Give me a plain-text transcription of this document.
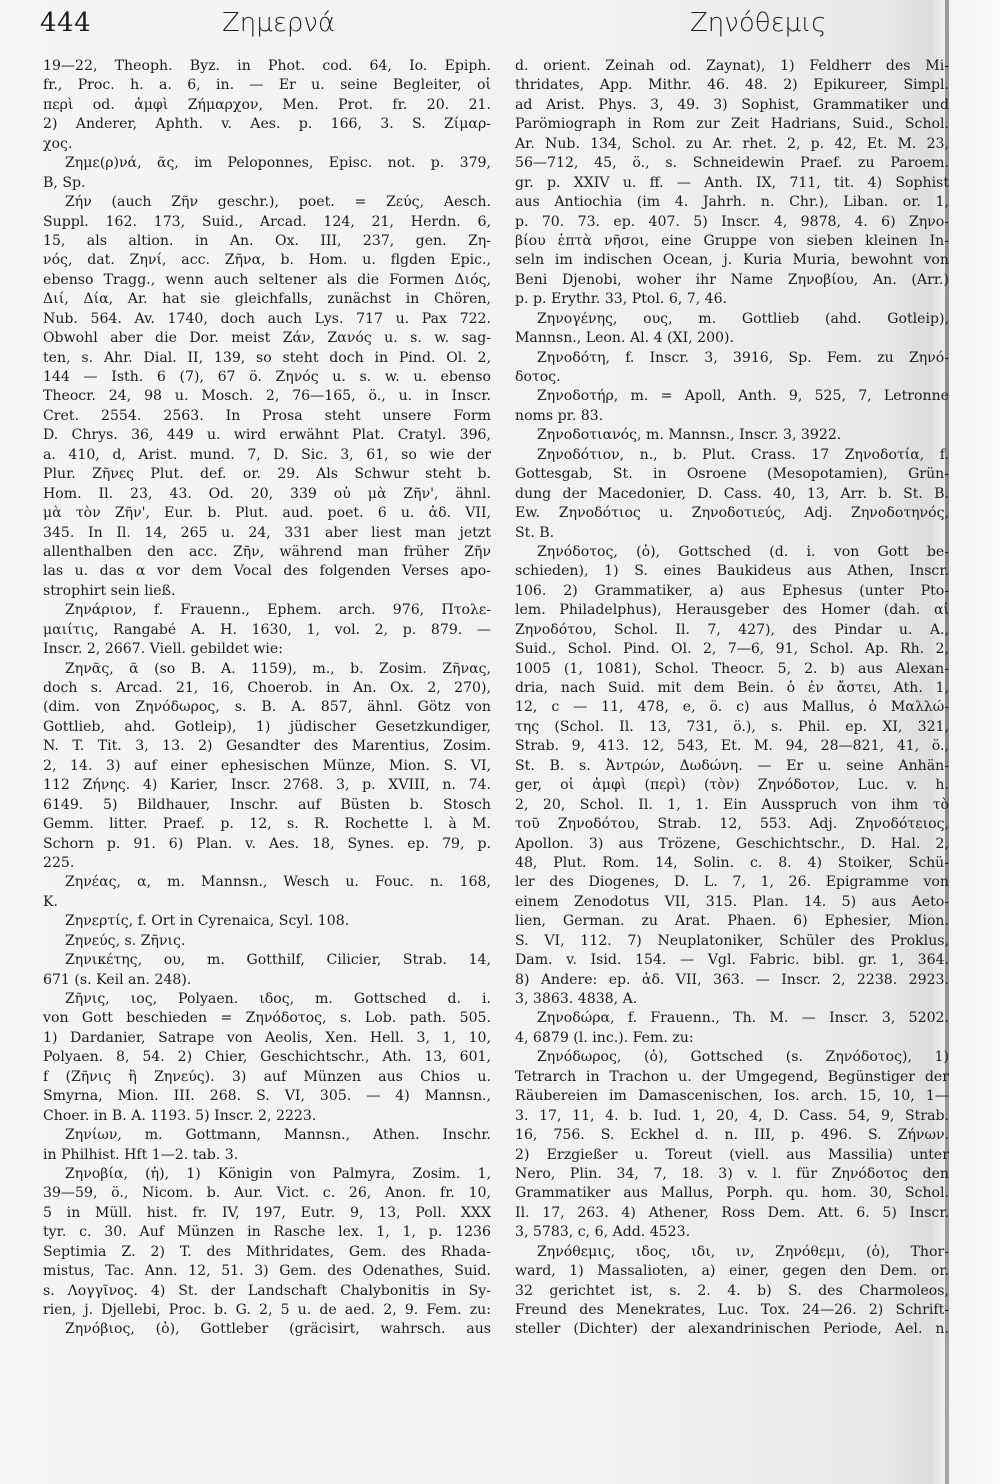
444	Ζημερνά	Ζηνόθεμις
19—22, Theoph. Byz. in Phot. cod. 64, Io. Epiph.
fr., Proc. h. a. 6, in. — Er u. seine Begleiter, οἱ
περὶ od. ἀμφὶ Ζήμαρχον, Men. Prot. fr. 20. 21.
2) Anderer, Aphth. v. Aes. p. 166, 3. S. Ζίμαρ-
χος.
Ζημε(ρ)νά, ᾶς, im Peloponnes, Episc. not. p. 379,
B, Sp.
Ζήν (auch Ζῆν geschr.), poet. = Ζεύς, Aesch.
Suppl. 162. 173, Suid., Arcad. 124, 21, Herdn. 6,
15, als altion. in An. Ox. III, 237, gen. Ζη-
νός, dat. Ζηνί, acc. Ζῆνα, b. Hom. u. flgden Epic.,
ebenso Tragg., wenn auch seltener als die Formen Διός,
Διί, Δία, Ar. hat sie gleichfalls, zunächst in Chören,
Nub. 564. Av. 1740, doch auch Lys. 717 u. Pax 722.
Obwohl aber die Dor. meist Ζάν, Ζανός u. s. w. sag-
ten, s. Ahr. Dial. II, 139, so steht doch in Pind. Ol. 2,
144 — Isth. 6 (7), 67 ö. Ζηνός u. s. w. u. ebenso
Theocr. 24, 98 u. Mosch. 2, 76—165, ö., u. in Inscr.
Cret. 2554. 2563. In Prosa steht unsere Form
D. Chrys. 36, 449 u. wird erwähnt Plat. Cratyl. 396,
a. 410, d, Arist. mund. 7, D. Sic. 3, 61, so wie der
Plur. Ζῆνες Plut. def. or. 29. Als Schwur steht b.
Hom. Il. 23, 43. Od. 20, 339 οὐ μὰ Ζῆν', ähnl.
μὰ τὸν Ζῆν', Eur. b. Plut. aud. poet. 6 u. ἀδ. VII,
345. In Il. 14, 265 u. 24, 331 aber liest man jetzt
allenthalben den acc. Ζῆν, während man früher Ζῆν
las u. das α vor dem Vocal des folgenden Verses apo-
strophirt sein ließ.
Ζηνάριον, f. Frauenn., Ephem. arch. 976, Πτολε-
μαιίτις, Rangabé A. H. 1630, 1, vol. 2, p. 879. —
Inscr. 2, 2667. Viell. gebildet wie:
Ζηνᾶς, ᾶ (so B. A. 1159), m., b. Zosim. Ζῆνας,
doch s. Arcad. 21, 16, Choerob. in An. Ox. 2, 270),
(dim. von Ζηνόδωρος, s. B. A. 857, ähnl. Götz von
Gottlieb, ahd. Gotleip), 1) jüdischer Gesetzkundiger,
N. T. Tit. 3, 13. 2) Gesandter des Marentius, Zosim.
2, 14. 3) auf einer ephesischen Münze, Mion. S. VI,
112 Ζήνης. 4) Karier, Inscr. 2768. 3, p. XVIII, n. 74.
6149. 5) Bildhauer, Inschr. auf Büsten b. Stosch
Gemm. litter. Praef. p. 12, s. R. Rochette l. à M.
Schorn p. 91. 6) Plan. v. Aes. 18, Synes. ep. 79, p.
225.
Ζηνέας, α, m. Mannsn., Wesch u. Fouc. n. 168,
K.
Ζηνερτίς, f. Ort in Cyrenaica, Scyl. 108.
Ζηνεύς, s. Ζῆνις.
Ζηνικέτης, ου, m. Gotthilf, Cilicier, Strab. 14,
671 (s. Keil an. 248).
Ζῆνις, ιος, Polyaen. ιδος, m. Gottsched d. i.
von Gott beschieden = Ζηνόδοτος, s. Lob. path. 505.
1) Dardanier, Satrape von Aeolis, Xen. Hell. 3, 1, 10,
Polyaen. 8, 54. 2) Chier, Geschichtschr., Ath. 13, 601,
f (Ζῆνις ἢ Ζηνεύς). 3) auf Münzen aus Chios u.
Smyrna, Mion. III. 268. S. VI, 305. — 4) Mannsn.,
Choer. in B. A. 1193. 5) Inscr. 2, 2223.
Ζηνίων, m. Gottmann, Mannsn., Athen. Inschr.
in Philhist. Hft 1—2. tab. 3.
Ζηνοβία, (ἡ), 1) Königin von Palmyra, Zosim. 1,
39—59, ö., Nicom. b. Aur. Vict. c. 26, Anon. fr. 10,
5 in Müll. hist. fr. IV, 197, Eutr. 9, 13, Poll. XXX
tyr. c. 30. Auf Münzen in Rasche lex. 1, 1, p. 1236
Septimia Ζ. 2) T. des Mithridates, Gem. des Rhada-
mistus, Tac. Ann. 12, 51. 3) Gem. des Odenathes, Suid.
s. Λογγῖνος. 4) St. der Landschaft Chalybonitis in Sy-
rien, j. Djellebi, Proc. b. G. 2, 5 u. de aed. 2, 9. Fem. zu:
Ζηνόβιος, (ὁ), Gottleber (gräcisirt, wahrsch. aus
d. orient. Zeinah od. Zaynat), 1) Feldherr des Mi-
thridates, App. Mithr. 46. 48. 2) Epikureer, Simpl.
ad Arist. Phys. 3, 49. 3) Sophist, Grammatiker und
Parömiograph in Rom zur Zeit Hadrians, Suid., Schol.
Ar. Nub. 134, Schol. zu Ar. rhet. 2, p. 42, Et. M. 23,
56—712, 45, ö., s. Schneidewin Praef. zu Paroem.
gr. p. XXIV u. ff. — Anth. IX, 711, tit. 4) Sophist
aus Antiochia (im 4. Jahrh. n. Chr.), Liban. or. 1,
p. 70. 73. ep. 407. 5) Inscr. 4, 9878, 4. 6) Ζηνο-
βίου ἑπτὰ νῆσοι, eine Gruppe von sieben kleinen In-
seln im indischen Ocean, j. Kuria Muria, bewohnt von
Beni Djenobi, woher ihr Name Ζηνοβίου, An. (Arr.)
p. p. Erythr. 33, Ptol. 6, 7, 46.
Ζηνογένης, ους, m. Gottlieb (ahd. Gotleip),
Mannsn., Leon. Al. 4 (XI, 200).
Ζηνοδότη, f. Inscr. 3, 3916, Sp. Fem. zu Ζηνό-
δοτος.
Ζηνοδοτήρ, m. = Apoll, Anth. 9, 525, 7, Letronne
noms pr. 83.
Ζηνοδοτιανός, m. Mannsn., Inscr. 3, 3922.
Ζηνοδότιον, n., b. Plut. Crass. 17 Ζηνοδοτία, f.
Gottesgab, St. in Osroene (Mesopotamien), Grün-
dung der Macedonier, D. Cass. 40, 13, Arr. b. St. B.
Ew. Ζηνοδότιος u. Ζηνοδοτιεύς, Adj. Ζηνοδοτηνός,
St. B.
Ζηνόδοτος, (ὁ), Gottsched (d. i. von Gott be-
schieden), 1) S. eines Baukideus aus Athen, Inscr.
106. 2) Grammatiker, a) aus Ephesus (unter Pto-
lem. Philadelphus), Herausgeber des Homer (dah. αἱ
Ζηνοδότου, Schol. Il. 7, 427), des Pindar u. A.,
Suid., Schol. Pind. Ol. 2, 7—6, 91, Schol. Ap. Rh. 2,
1005 (1, 1081), Schol. Theocr. 5, 2. b) aus Alexan-
dria, nach Suid. mit dem Bein. ὁ ἐν ἄστει, Ath. 1,
12, c — 11, 478, e, ö. c) aus Mallus, ὁ Μαλλώ-
της (Schol. Il. 13, 731, ö.), s. Phil. ep. XI, 321,
Strab. 9, 413. 12, 543, Et. M. 94, 28—821, 41, ö.,
St. B. s. Ἀντρών, Δωδώνη. — Er u. seine Anhän-
ger, οἱ ἀμφὶ (περὶ) (τὸν) Ζηνόδοτον, Luc. v. h.
2, 20, Schol. Il. 1, 1. Ein Ausspruch von ihm τὸ
τοῦ Ζηνοδότου, Strab. 12, 553. Adj. Ζηνοδότειος,
Apollon. 3) aus Trözene, Geschichtschr., D. Hal. 2,
48, Plut. Rom. 14, Solin. c. 8. 4) Stoiker, Schü-
ler des Diogenes, D. L. 7, 1, 26. Epigramme von
einem Zenodotus VII, 315. Plan. 14. 5) aus Aeto-
lien, German. zu Arat. Phaen. 6) Ephesier, Mion.
S. VI, 112. 7) Neuplatoniker, Schüler des Proklus,
Dam. v. Isid. 154. — Vgl. Fabric. bibl. gr. 1, 364.
8) Andere: ep. ἀδ. VII, 363. — Inscr. 2, 2238. 2923.
3, 3863. 4838, A.
Ζηνοδώρα, f. Frauenn., Th. M. — Inscr. 3, 5202.
4, 6879 (l. inc.). Fem. zu:
Ζηνόδωρος, (ὁ), Gottsched (s. Ζηνόδοτος), 1)
Tetrarch in Trachon u. der Umgegend, Begünstiger der
Räubereien im Damascenischen, Ios. arch. 15, 10, 1—
3. 17, 11, 4. b. Iud. 1, 20, 4, D. Cass. 54, 9, Strab.
16, 756. S. Eckhel d. n. III, p. 496. S. Ζήνων.
2) Erzgießer u. Toreut (viell. aus Massilia) unter
Nero, Plin. 34, 7, 18. 3) v. l. für Ζηνόδοτος den
Grammatiker aus Mallus, Porph. qu. hom. 30, Schol.
Il. 17, 263. 4) Athener, Ross Dem. Att. 6. 5) Inscr.
3, 5783, c, 6, Add. 4523.
Ζηνόθεμις, ιδος, ιδι, ιν, Ζηνόθεμι, (ὁ), Thor-
ward, 1) Massalioten, a) einer, gegen den Dem. or.
32 gerichtet ist, s. 2. 4. b) S. des Charmoleos,
Freund des Menekrates, Luc. Tox. 24—26. 2) Schrift-
steller (Dichter) der alexandrinischen Periode, Ael. n.
